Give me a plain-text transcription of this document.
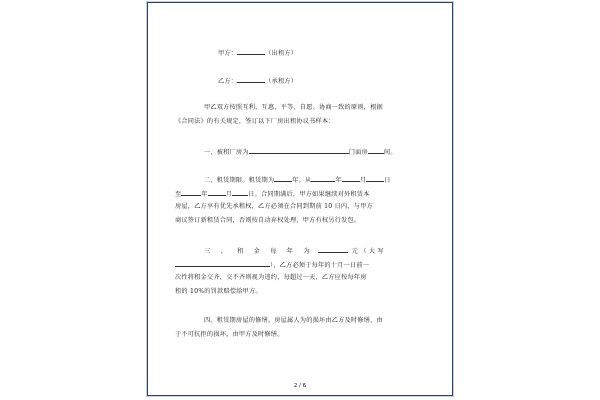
甲方：	（出租方）
乙方：	（承租方）
甲乙双方按照互利、互惠、平等、自愿、协商一致的原则，根据
《合同法》的有关规定，签订以下厂房出租协议书样本：
一、被租厂房为	门面房	间。
二、租赁期限。租赁期为	年。从	年	月	日
至	年	月	日。合同期满后，甲方如果继续对外租赁本
房屋，乙方享有优先承租权，乙方必须在合同到期前 10 日内，与甲方
商议签订新租赁合同，否则按自动弃权处理，甲方有权另行发包。
三 、 租 金 每 年 为	元 （ 大 写
），乙方必须于每年的十月一日前一
次性将租金交齐，交不齐则视为违约，每超过一天，乙方应按每年房
租的 10%的罚款赔偿给甲方。
四、租赁期房屋的修缮。房屋属人为的损坏由乙方及时修缮，由
于不可抗拒的损坏，由甲方及时修缮。
2 / 6
